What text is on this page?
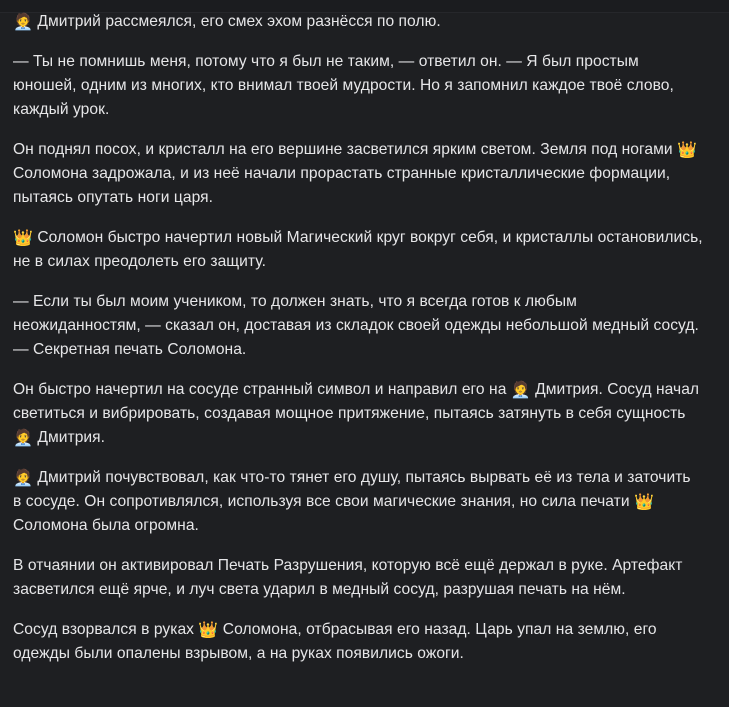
🧑‍💼 Дмитрий рассмеялся, его смех эхом разнёсся по полю.

— Ты не помнишь меня, потому что я был не таким, — ответил он. — Я был простым юношей, одним из многих, кто внимал твоей мудрости. Но я запомнил каждое твоё слово, каждый урок.

Он поднял посох, и кристалл на его вершине засветился ярким светом. Земля под ногами 👑 Соломона задрожала, и из неё начали прорастать странные кристаллические формации, пытаясь опутать ноги царя.

👑 Соломон быстро начертил новый Магический круг вокруг себя, и кристаллы остановились, не в силах преодолеть его защиту.

— Если ты был моим учеником, то должен знать, что я всегда готов к любым неожиданностям, — сказал он, доставая из складок своей одежды небольшой медный сосуд. — Секретная печать Соломона.

Он быстро начертил на сосуде странный символ и направил его на 🧑‍💼 Дмитрия. Сосуд начал светиться и вибрировать, создавая мощное притяжение, пытаясь затянуть в себя сущность 🧑‍💼 Дмитрия.

🧑‍💼 Дмитрий почувствовал, как что-то тянет его душу, пытаясь вырвать её из тела и заточить в сосуде. Он сопротивлялся, используя все свои магические знания, но сила печати 👑 Соломона была огромна.

В отчаянии он активировал Печать Разрушения, которую всё ещё держал в руке. Артефакт засветился ещё ярче, и луч света ударил в медный сосуд, разрушая печать на нём.

Сосуд взорвался в руках 👑 Соломона, отбрасывая его назад. Царь упал на землю, его одежды были опалены взрывом, а на руках появились ожоги.
